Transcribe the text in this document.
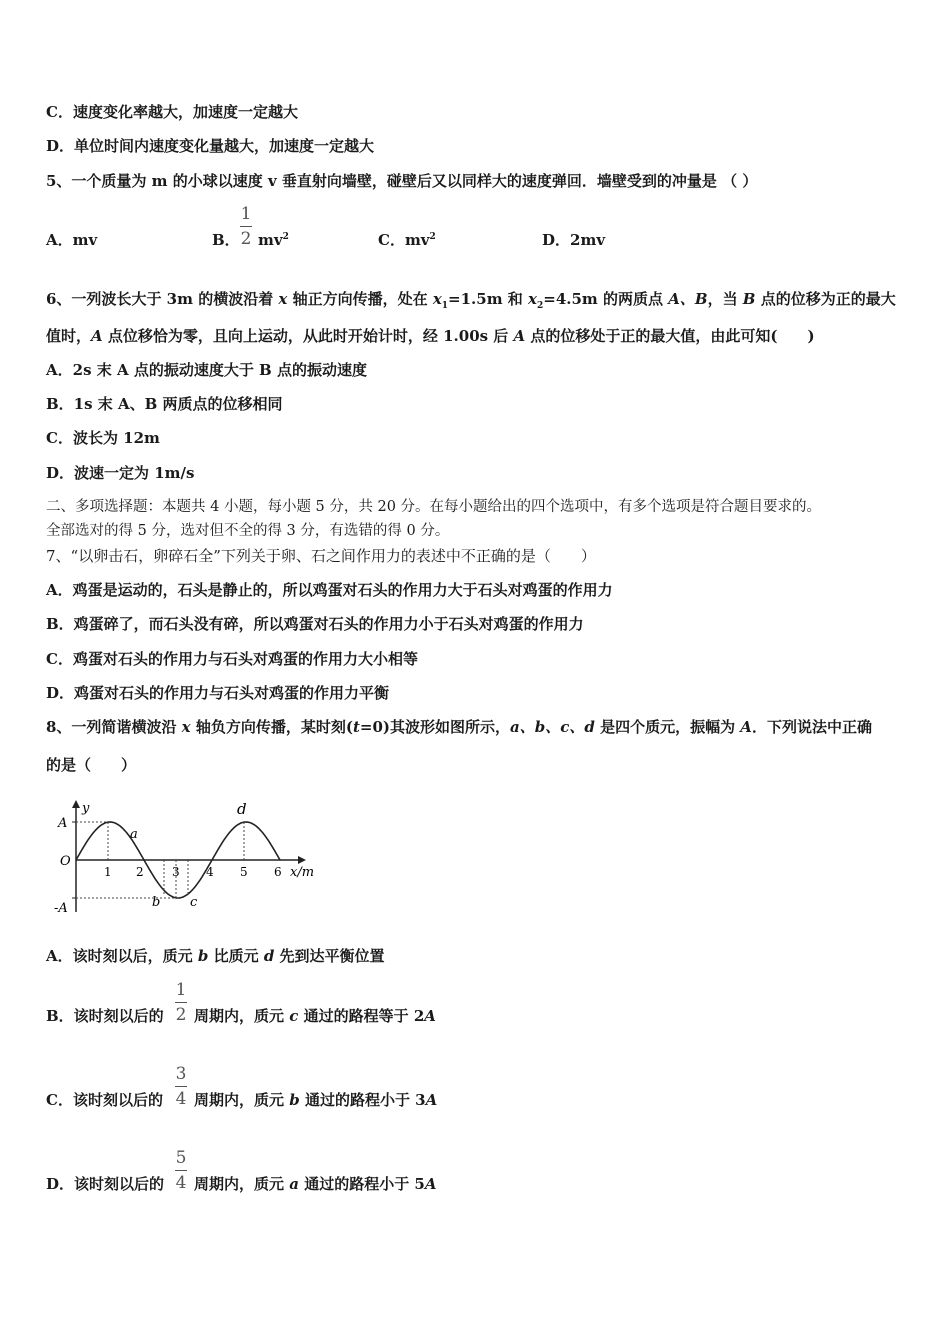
C．速度变化率越大，加速度一定越大
D．单位时间内速度变化量越大，加速度一定越大
5、一个质量为 m 的小球以速度 v 垂直射向墙壁，碰壁后又以同样大的速度弹回．墙壁受到的冲量是 （ ）
A．mv	B．
1
2 $mv^2$	C．$mv^2$	D．2mv
6、一列波长大于 3m 的横波沿着 x 轴正方向传播，处在 $x_1=1.5m$ 和 $x_2=4.5m$ 的两质点 A、B，当 B 点的位移为正的最大
值时，A 点位移恰为零，且向上运动，从此时开始计时，经 1.00s 后 A 点的位移处于正的最大值，由此可知(　　)
A．2s 末 A 点的振动速度大于 B 点的振动速度
B．1s 末 A、B 两质点的位移相同
C．波长为 12m
D．波速一定为 1m/s
二、多项选择题：本题共 4 小题，每小题 5 分，共 20 分。在每小题给出的四个选项中，有多个选项是符合题目要求的。
全部选对的得 5 分，选对但不全的得 3 分，有选错的得 0 分。
7、“以卵击石，卵碎石全”下列关于卵、石之间作用力的表述中不正确的是（　　）
A．鸡蛋是运动的，石头是静止的，所以鸡蛋对石头的作用力大于石头对鸡蛋的作用力
B．鸡蛋碎了，而石头没有碎，所以鸡蛋对石头的作用力小于石头对鸡蛋的作用力
C．鸡蛋对石头的作用力与石头对鸡蛋的作用力大小相等
D．鸡蛋对石头的作用力与石头对鸡蛋的作用力平衡
8、一列简谐横波沿 x 轴负方向传播，某时刻(t=0)其波形如图所示，a、b、c、d 是四个质元，振幅为 A．下列说法中正确
的是（　　）
y
A
-A
O
1 2 3 4 5 6 x/m
a
b c
d
A．该时刻以后，质元 b 比质元 d 先到达平衡位置
B．该时刻以后的
1
2 周期内，质元 c 通过的路程等于 2A
C．该时刻以后的
3
4 周期内，质元 b 通过的路程小于 3A
D．该时刻以后的
5
4 周期内，质元 a 通过的路程小于 5A
